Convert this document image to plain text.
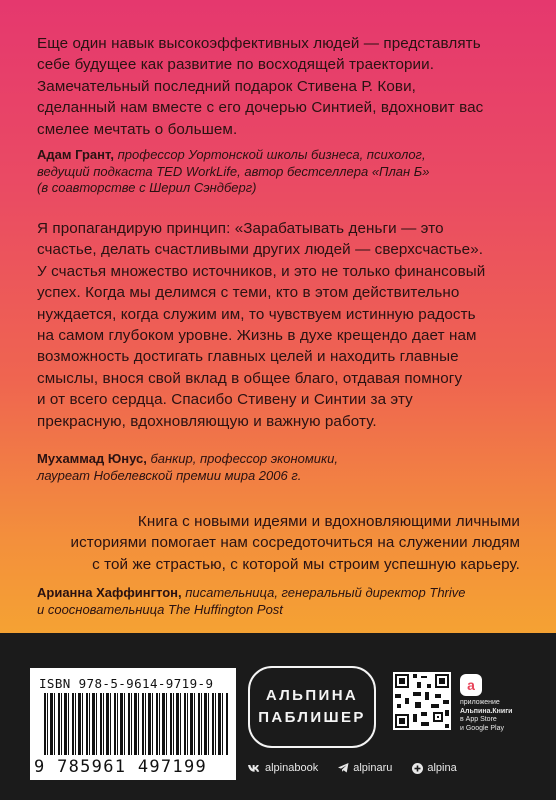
Еще один навык высокоэффективных людей — представлять
себе будущее как развитие по восходящей траектории.
Замечательный последний подарок Стивена Р. Кови,
сделанный нам вместе с его дочерью Синтией, вдохновит вас
смелее мечтать о большем.
Адам Грант, профессор Уортонской школы бизнеса, психолог,
ведущий подкаста TED WorkLife, автор бестселлера «План Б»
(в соавторстве с Шерил Сэндберг)
Я пропагандирую принцип: «Зарабатывать деньги — это
счастье, делать счастливыми других людей — сверхсчастье».
У счастья множество источников, и это не только финансовый
успех. Когда мы делимся с теми, кто в этом действительно
нуждается, когда служим им, то чувствуем истинную радость
на самом глубоком уровне. Жизнь в духе крещендо дает нам
возможность достигать главных целей и находить главные
смыслы, внося свой вклад в общее благо, отдавая помногу
и от всего сердца. Спасибо Стивену и Синтии за эту
прекрасную, вдохновляющую и важную работу.
Мухаммад Юнус, банкир, профессор экономики,
лауреат Нобелевской премии мира 2006 г.
Книга с новыми идеями и вдохновляющими личными
историями помогает нам сосредоточиться на служении людям
с той же страстью, с которой мы строим успешную карьеру.
Арианна Хаффингтон, писательница, генеральный директор Thrive
и соосновательница The Huffington Post
ISBN 978-5-9614-9719-9
9 785961 497199
АЛЬПИНА
ПАБЛИШЕР
a
приложение
Альпина.Книги
в App Store
и Google Play
alpinabook	alpinaru	alpina
